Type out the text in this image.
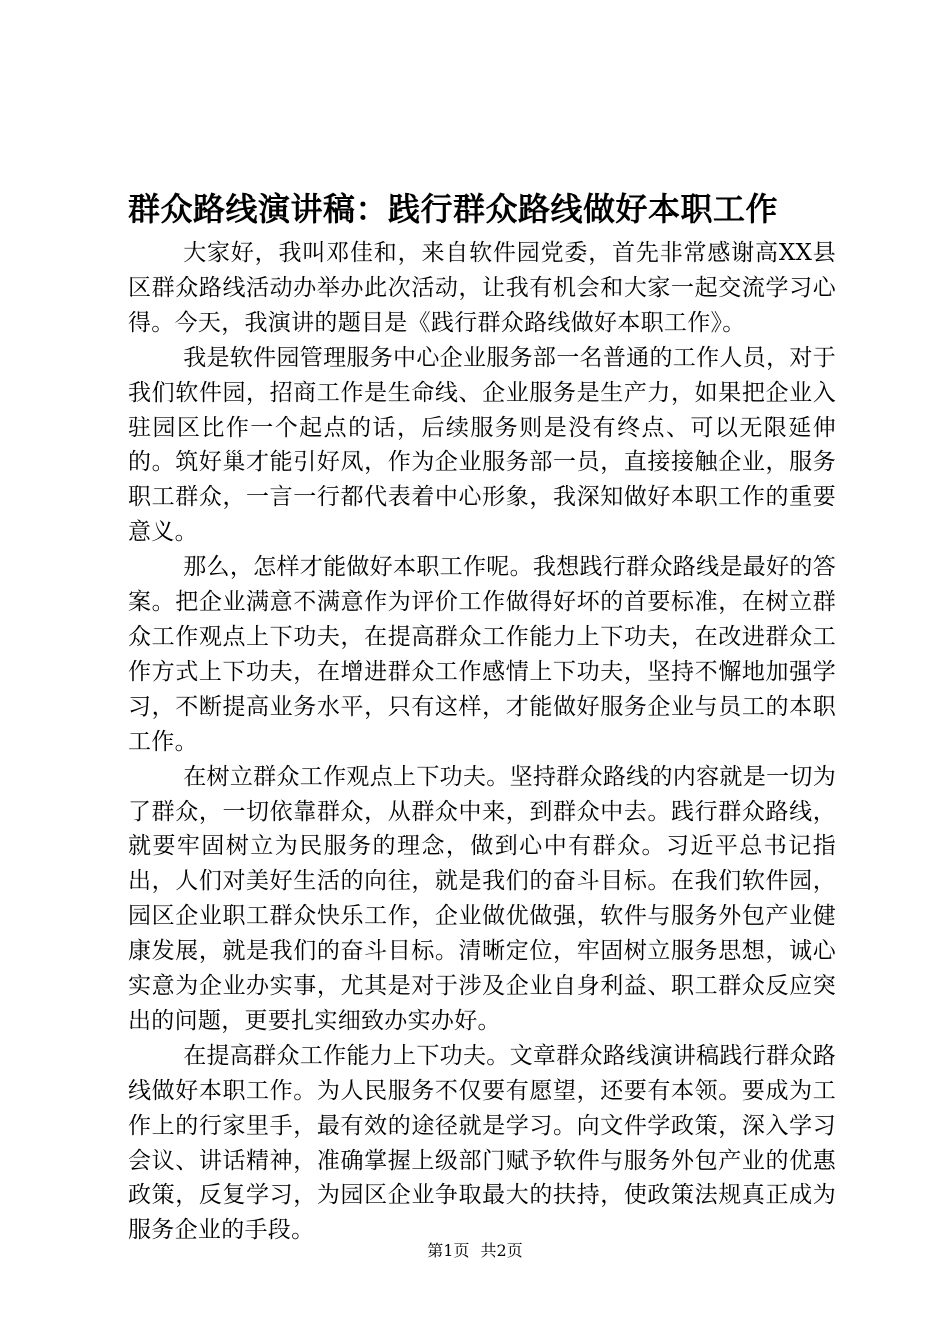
群众路线演讲稿：践行群众路线做好本职工作

大家好，我叫邓佳和，来自软件园党委，首先非常感谢高XX县区群众路线活动办举办此次活动，让我有机会和大家一起交流学习心得。今天，我演讲的题目是《践行群众路线做好本职工作》。

我是软件园管理服务中心企业服务部一名普通的工作人员，对于我们软件园，招商工作是生命线、企业服务是生产力，如果把企业入驻园区比作一个起点的话，后续服务则是没有终点、可以无限延伸的。筑好巢才能引好凤，作为企业服务部一员，直接接触企业，服务职工群众，一言一行都代表着中心形象，我深知做好本职工作的重要意义。

那么，怎样才能做好本职工作呢。我想践行群众路线是最好的答案。把企业满意不满意作为评价工作做得好坏的首要标准，在树立群众工作观点上下功夫，在提高群众工作能力上下功夫，在改进群众工作方式上下功夫，在增进群众工作感情上下功夫，坚持不懈地加强学习，不断提高业务水平，只有这样，才能做好服务企业与员工的本职工作。

在树立群众工作观点上下功夫。坚持群众路线的内容就是一切为了群众，一切依靠群众，从群众中来，到群众中去。践行群众路线，就要牢固树立为民服务的理念，做到心中有群众。习近平总书记指出，人们对美好生活的向往，就是我们的奋斗目标。在我们软件园，园区企业职工群众快乐工作，企业做优做强，软件与服务外包产业健康发展，就是我们的奋斗目标。清晰定位，牢固树立服务思想，诚心实意为企业办实事，尤其是对于涉及企业自身利益、职工群众反应突出的问题，更要扎实细致办实办好。

在提高群众工作能力上下功夫。文章群众路线演讲稿践行群众路线做好本职工作。为人民服务不仅要有愿望，还要有本领。要成为工作上的行家里手，最有效的途径就是学习。向文件学政策，深入学习会议、讲话精神，准确掌握上级部门赋予软件与服务外包产业的优惠政策，反复学习，为园区企业争取最大的扶持，使政策法规真正成为服务企业的手段。

第1页 共2页
